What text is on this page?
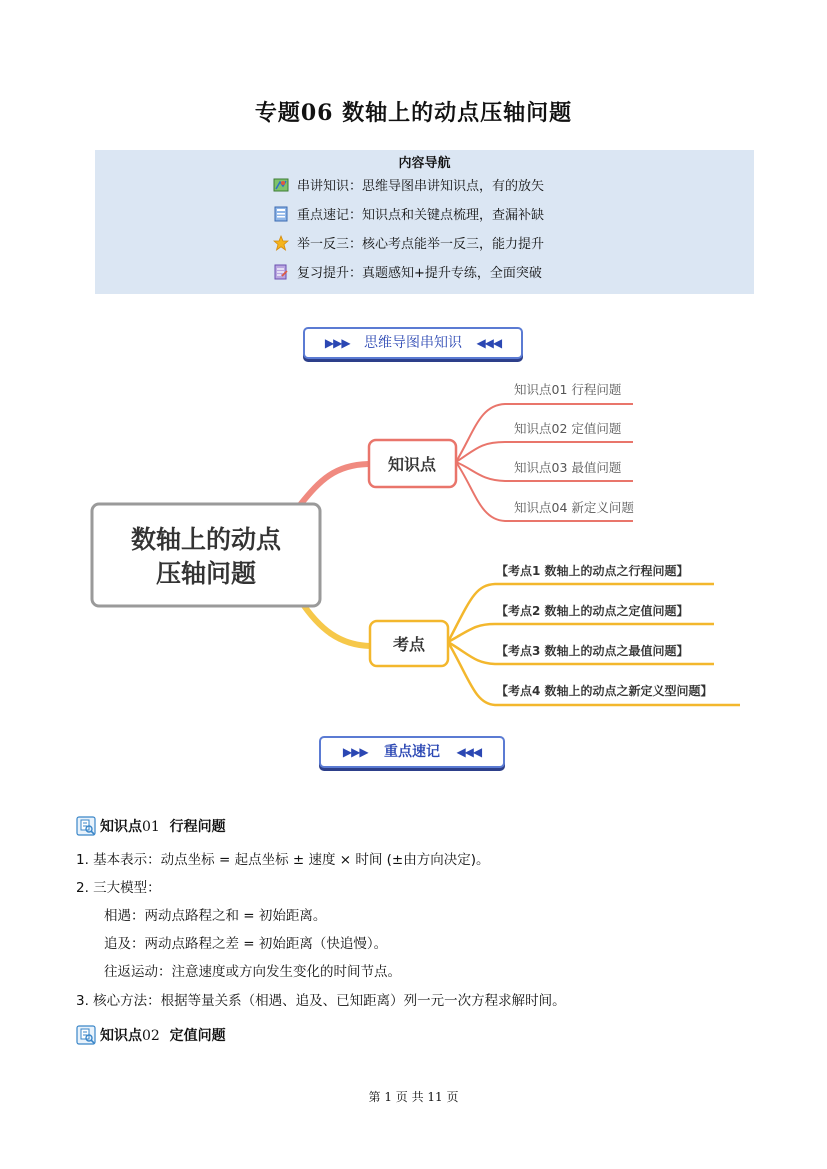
专题06 数轴上的动点压轴问题
内容导航
串讲知识：思维导图串讲知识点，有的放矢
重点速记：知识点和关键点梳理，查漏补缺
举一反三：核心考点能举一反三，能力提升
复习提升：真题感知+提升专练，全面突破
▶▶▶ 思维导图串知识 ◀◀◀
数轴上的动点
压轴问题
知识点
考点
知识点01 行程问题
知识点02 定值问题
知识点03 最值问题
知识点04 新定义问题
【考点1 数轴上的动点之行程问题】
【考点2 数轴上的动点之定值问题】
【考点3 数轴上的动点之最值问题】
【考点4 数轴上的动点之新定义型问题】
▶▶▶ 重点速记 ◀◀◀
知识点01 行程问题
1. 基本表示：动点坐标 = 起点坐标 ± 速度 × 时间 (±由方向决定)。
2. 三大模型：
相遇：两动点路程之和 = 初始距离。
追及：两动点路程之差 = 初始距离（快追慢）。
往返运动：注意速度或方向发生变化的时间节点。
3. 核心方法：根据等量关系（相遇、追及、已知距离）列一元一次方程求解时间。
知识点02 定值问题
第 1 页 共 11 页
